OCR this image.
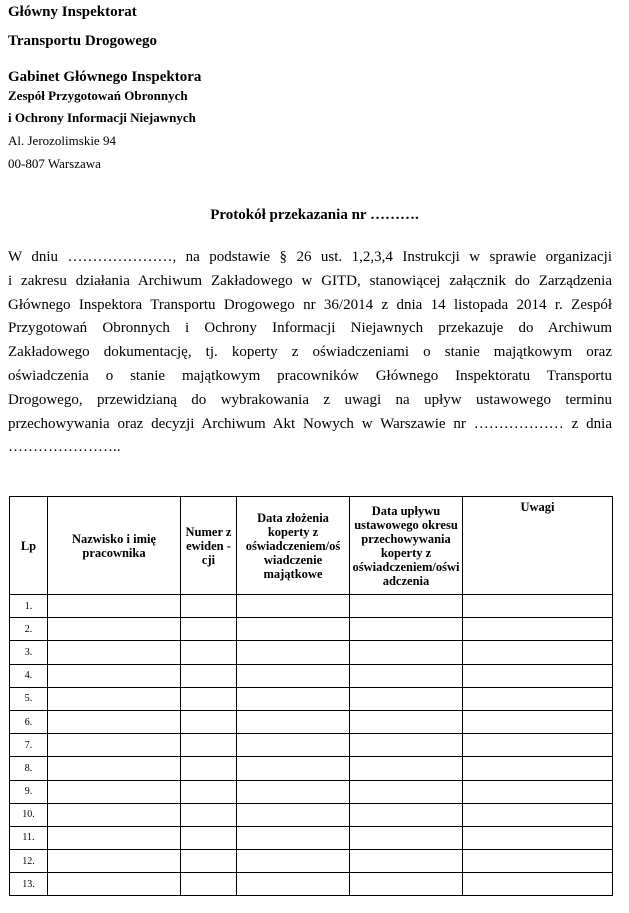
Główny Inspektorat
Transportu Drogowego
Gabinet Głównego Inspektora
Zespół Przygotowań Obronnych
i Ochrony Informacji Niejawnych
Al. Jerozolimskie 94
00-807 Warszawa
Protokół przekazania nr ……….
W dniu …………………, na podstawie § 26 ust. 1,2,3,4 Instrukcji w sprawie organizacji
i zakresu działania Archiwum Zakładowego w GITD, stanowiącej załącznik do Zarządzenia
Głównego Inspektora Transportu Drogowego nr 36/2014 z dnia 14 listopada 2014 r. Zespół
Przygotowań Obronnych i Ochrony Informacji Niejawnych przekazuje do Archiwum
Zakładowego dokumentację, tj. koperty z oświadczeniami o stanie majątkowym oraz
oświadczenia o stanie majątkowym pracowników Głównego Inspektoratu Transportu
Drogowego, przewidzianą do wybrakowania z uwagi na upływ ustawowego terminu
przechowywania oraz decyzji Archiwum Akt Nowych w Warszawie nr ……………… z dnia
…………………..
Lp	Nazwisko i imię pracownika	Numer z ewiden -cji	Data złożenia koperty z oświadczeniem/oś wiadczenie majątkowe	Data upływu ustawowego okresu przechowywania koperty z oświadczeniem/oświ adczenia	Uwagi
1.					
2.					
3.					
4.					
5.					
6.					
7.					
8.					
9.					
10.					
11.					
12.					
13.					
